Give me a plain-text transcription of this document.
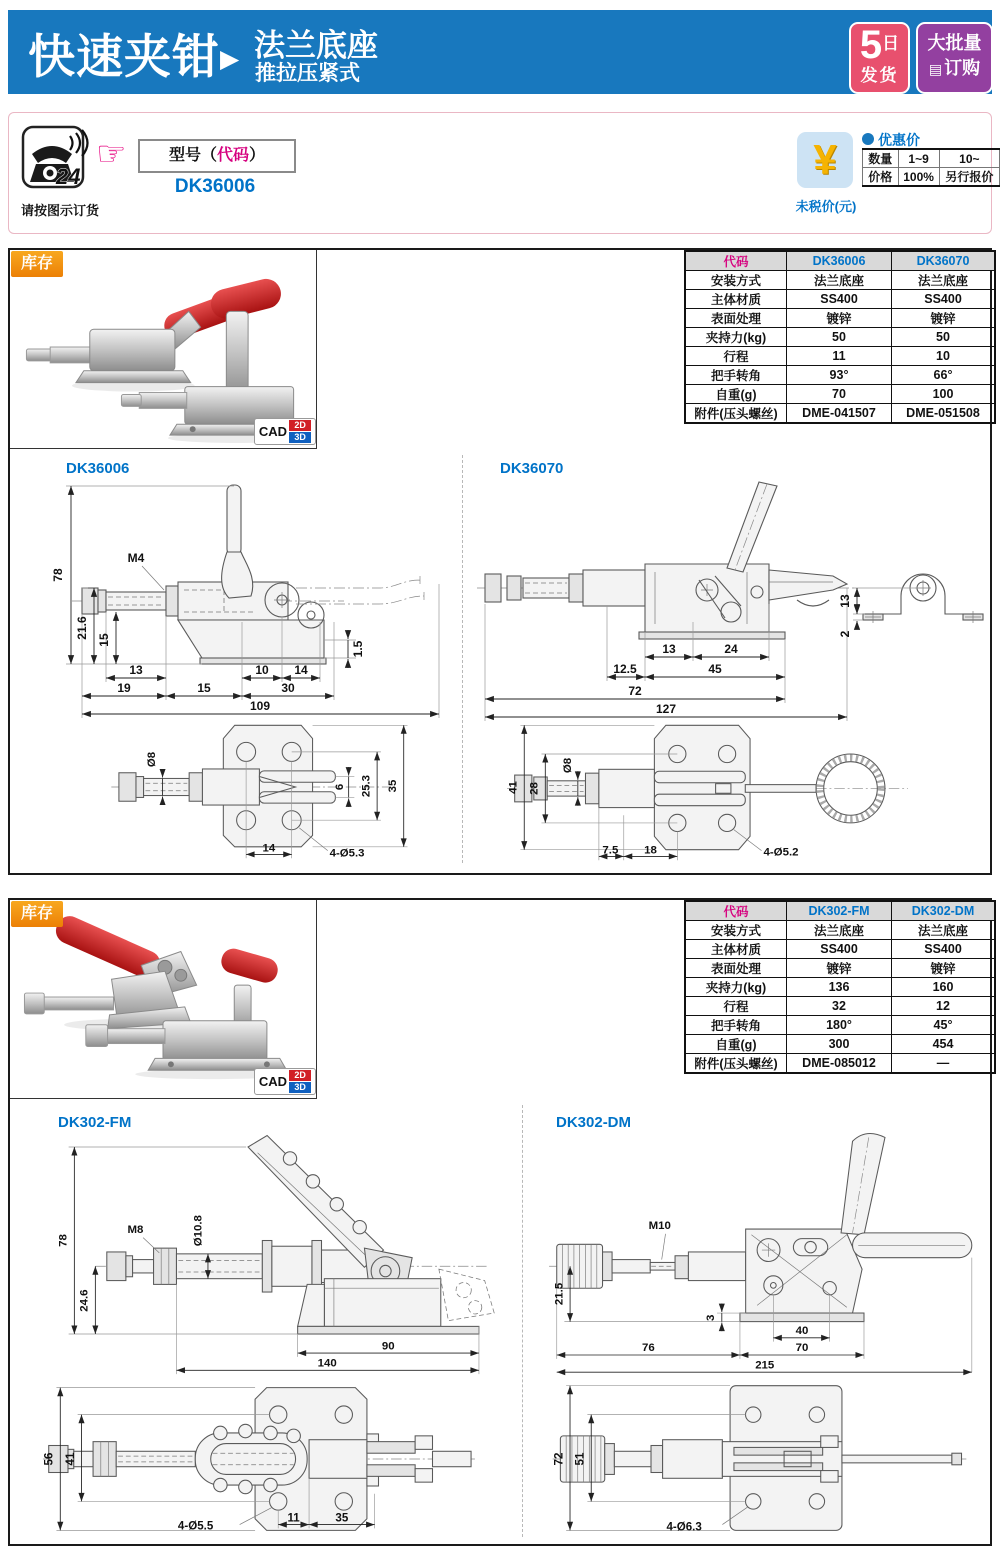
快速夹钳 ▶ 法兰底座
推拉压紧式
5日
发货
大批量
▤ 订购
24
请按图示订货
☞	型号（代码）
DK36006
¥
未税价(元)
优惠价
数量	1~9	10~
价格	100%	另行报价
CAD 2D
3D
库存	代码	DK36006	DK36070
安装方式	法兰底座	法兰底座
主体材质	SS400	SS400
表面处理	镀锌	镀锌
夹持力(kg)	50	50
行程	11	10
把手转角	93°	66°
自重(g)	70	100
附件(压头螺丝)	DME-041507	DME-051508
DK36006	DK36070
78
21.6
15
M4
1.5
13	10 14
19	15	30
109
Ø8
6 25.3 35
14	4-Ø5.3
13	24
12.5	45
72
127
13
2
41 28
Ø8
7.5 18	4-Ø5.2
CAD 2D
3D
库存	代码	DK302-FM	DK302-DM
安装方式	法兰底座	法兰底座
主体材质	SS400	SS400
表面处理	镀锌	镀锌
夹持力(kg)	136	160
行程	32	12
把手转角	180°	45°
自重(g)	300	454
附件(压头螺丝)	DME-085012	—
DK302-FM	DK302-DM
78
24.6
M8	Ø10.8
90
140
56 41
4-Ø5.5
11	35
M10
21.5
3
40
76	70
215
72 51
4-Ø6.3
